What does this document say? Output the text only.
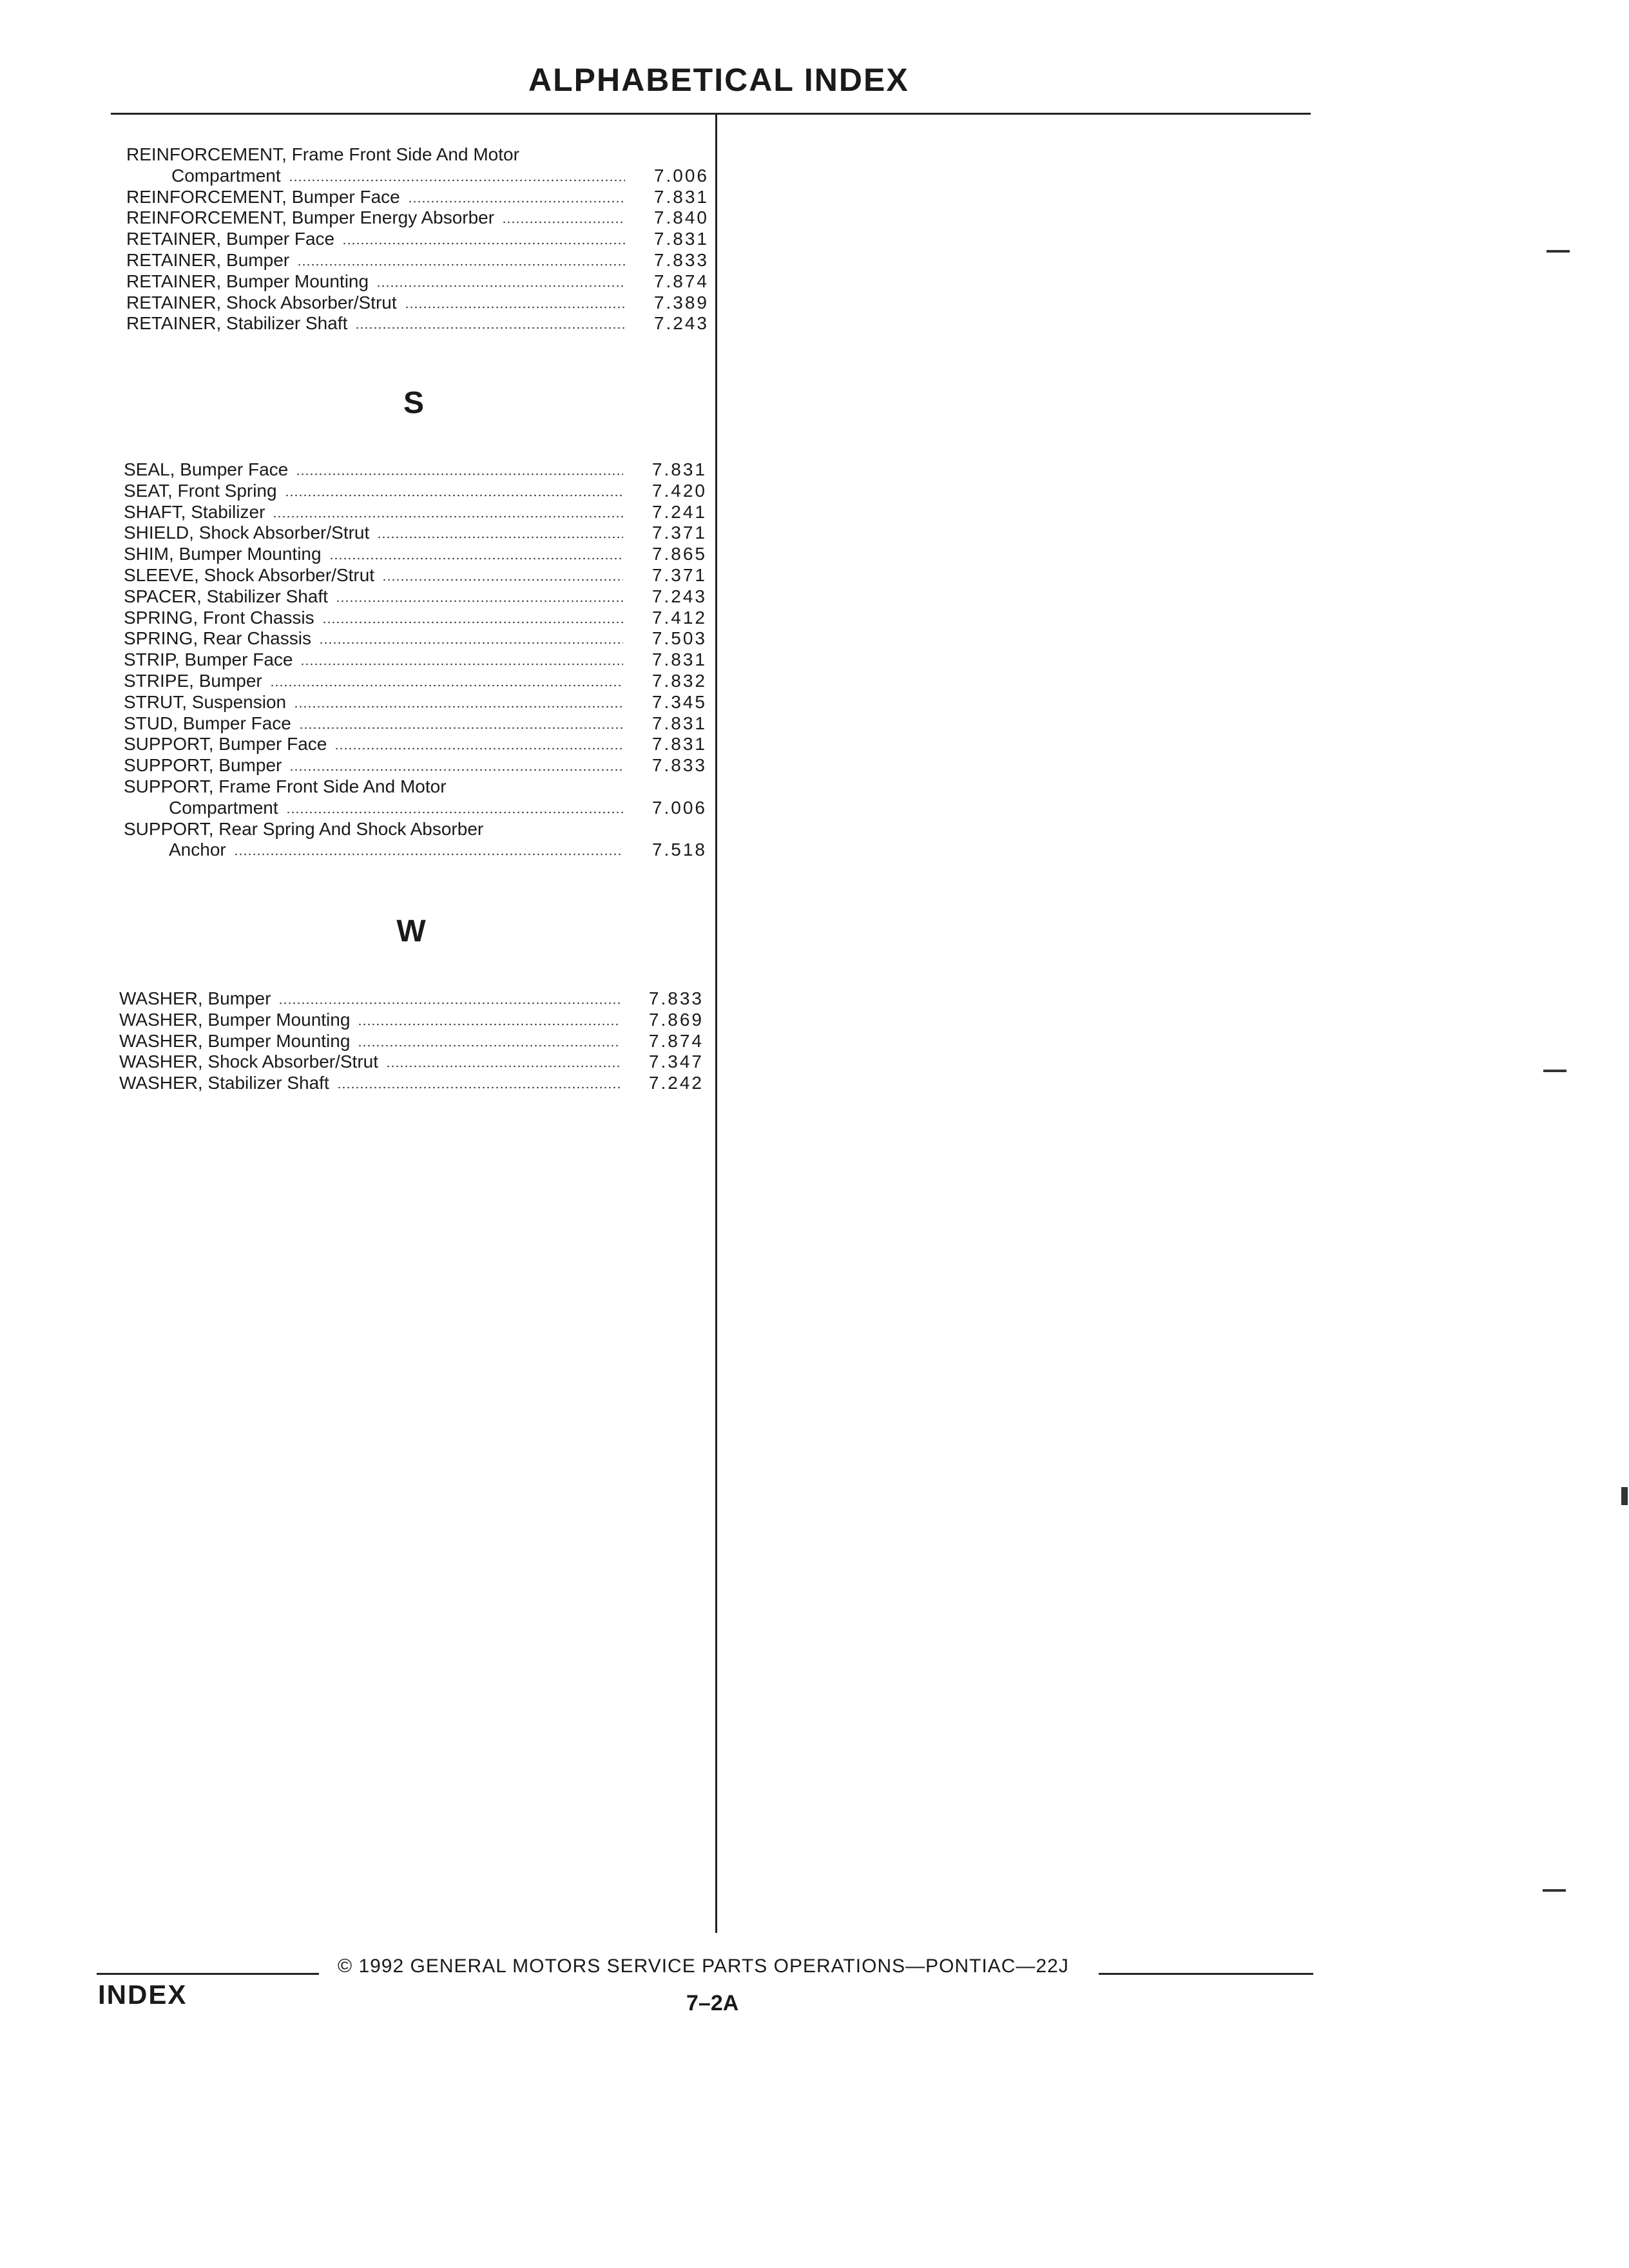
ALPHABETICAL INDEX
REINFORCEMENT, Frame Front Side And Motor
Compartment	7.006
REINFORCEMENT, Bumper Face	7.831
REINFORCEMENT, Bumper Energy Absorber	7.840
RETAINER, Bumper Face	7.831
RETAINER, Bumper	7.833
RETAINER, Bumper Mounting	7.874
RETAINER, Shock Absorber/Strut	7.389
RETAINER, Stabilizer Shaft	7.243
S
SEAL, Bumper Face	7.831
SEAT, Front Spring	7.420
SHAFT, Stabilizer	7.241
SHIELD, Shock Absorber/Strut	7.371
SHIM, Bumper Mounting	7.865
SLEEVE, Shock Absorber/Strut	7.371
SPACER, Stabilizer Shaft	7.243
SPRING, Front Chassis	7.412
SPRING, Rear Chassis	7.503
STRIP, Bumper Face	7.831
STRIPE, Bumper	7.832
STRUT, Suspension	7.345
STUD, Bumper Face	7.831
SUPPORT, Bumper Face	7.831
SUPPORT, Bumper	7.833
SUPPORT, Frame Front Side And Motor
Compartment	7.006
SUPPORT, Rear Spring And Shock Absorber
Anchor	7.518
W
WASHER, Bumper	7.833
WASHER, Bumper Mounting	7.869
WASHER, Bumper Mounting	7.874
WASHER, Shock Absorber/Strut	7.347
WASHER, Stabilizer Shaft	7.242
© 1992 GENERAL MOTORS SERVICE PARTS OPERATIONS—PONTIAC—22J
INDEX	7–2A
